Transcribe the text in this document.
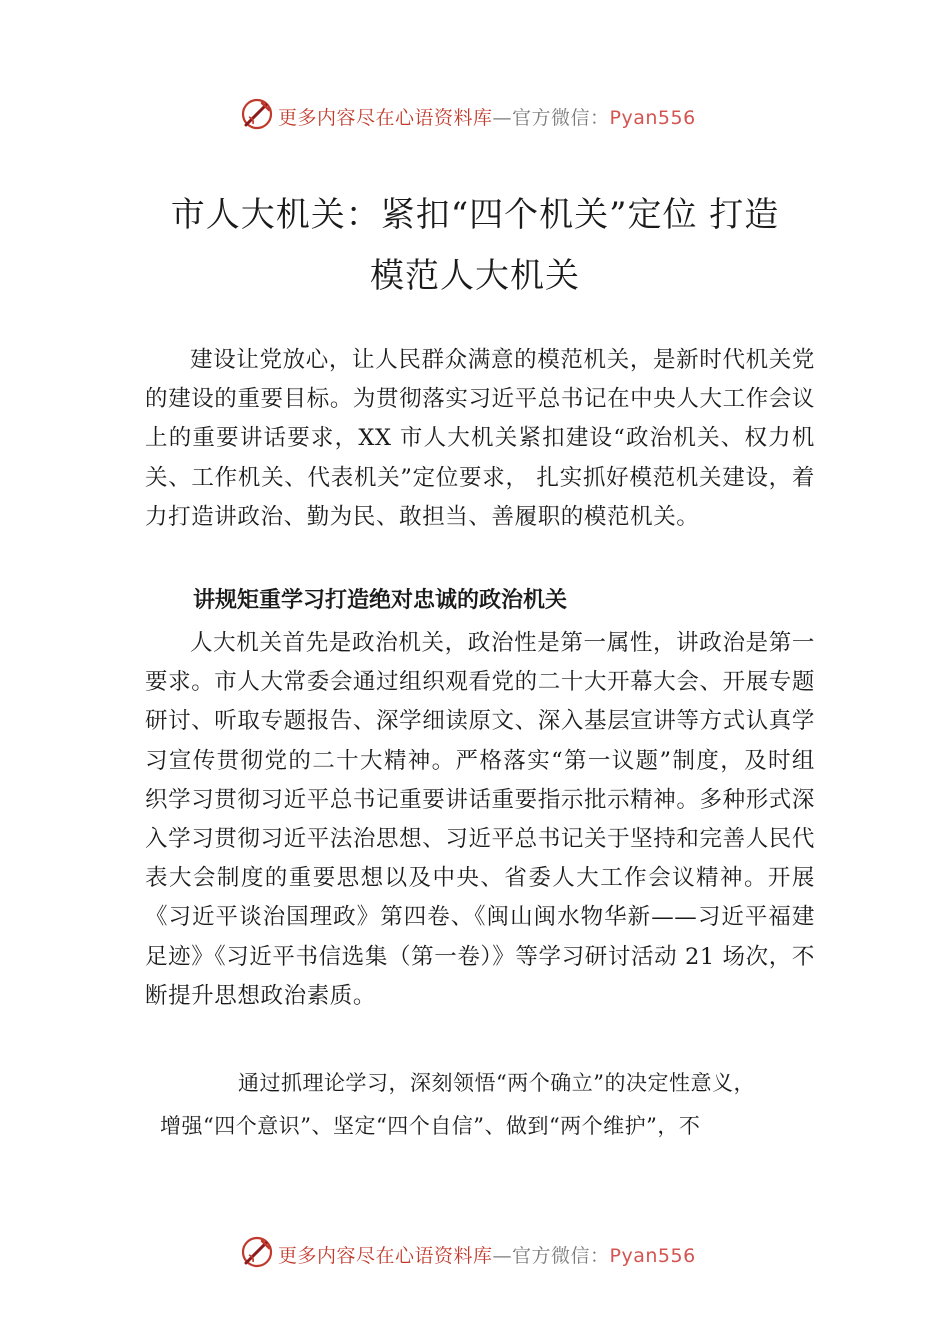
更多内容尽在心语资料库—官方微信：Pyan556
市人大机关：紧扣“四个机关”定位 打造
模范人大机关

建设让党放心，让人民群众满意的模范机关，是新时代机关党的建设的重要目标。为贯彻落实习近平总书记在中央人大工作会议上的重要讲话要求，XX 市人大机关紧扣建设“政治机关、权力机关、工作机关、代表机关”定位要求， 扎实抓好模范机关建设，着力打造讲政治、勤为民、敢担当、善履职的模范机关。

讲规矩重学习打造绝对忠诚的政治机关

人大机关首先是政治机关，政治性是第一属性，讲政治是第一要求。市人大常委会通过组织观看党的二十大开幕大会、开展专题研讨、听取专题报告、深学细读原文、深入基层宣讲等方式认真学习宣传贯彻党的二十大精神。严格落实“第一议题”制度，及时组织学习贯彻习近平总书记重要讲话重要指示批示精神。多种形式深入学习贯彻习近平法治思想、习近平总书记关于坚持和完善人民代表大会制度的重要思想以及中央、省委人大工作会议精神。开展《习近平谈治国理政》第四卷、《闽山闽水物华新——习近平福建足迹》《习近平书信选集（第一卷）》等学习研讨活动 21 场次，不断提升思想政治素质。

通过抓理论学习，深刻领悟“两个确立”的决定性意义，
增强“四个意识”、坚定“四个自信”、做到“两个维护”，不

更多内容尽在心语资料库—官方微信：Pyan556
